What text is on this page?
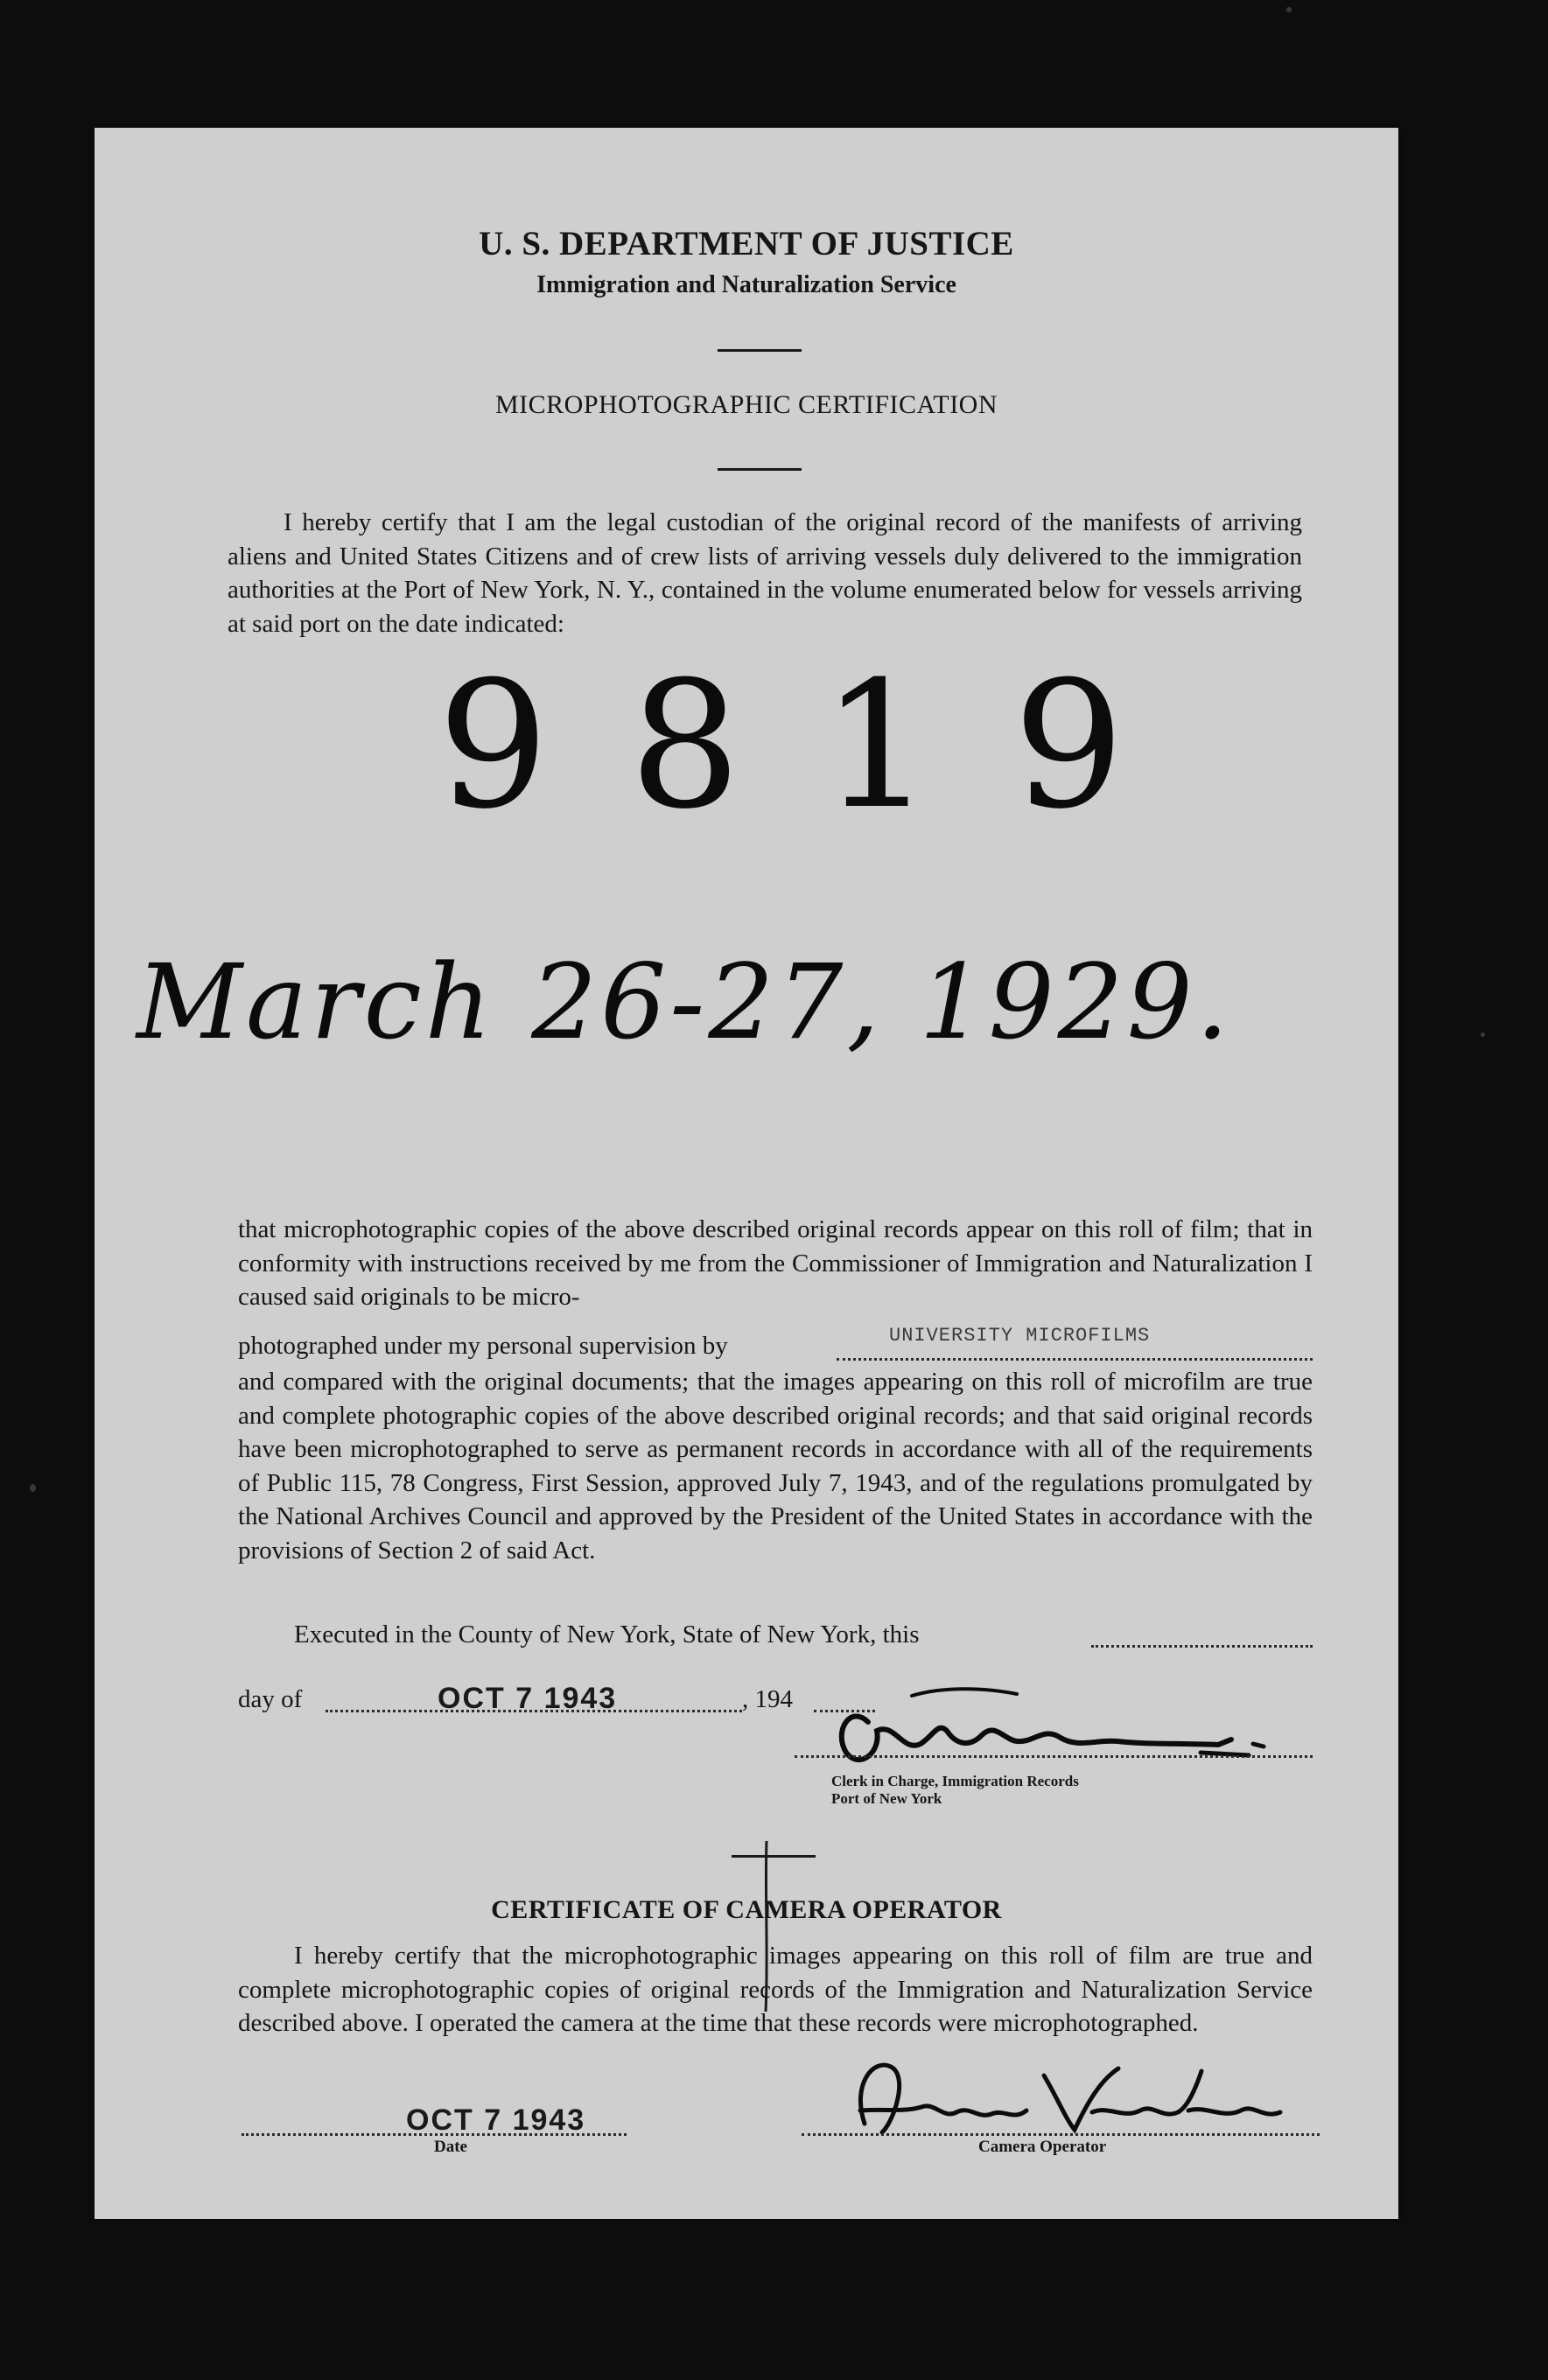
U. S. DEPARTMENT OF JUSTICE
Immigration and Naturalization Service
MICROPHOTOGRAPHIC CERTIFICATION
I hereby certify that I am the legal custodian of the original record of the manifests of arriving aliens and United States Citizens and of crew lists of arriving vessels duly delivered to the immigration authorities at the Port of New York, N. Y., contained in the volume enumerated below for vessels arriving at said port on the date indicated:
9819
March 26-27, 1929.
that microphotographic copies of the above described original records appear on this roll of film; that in conformity with instructions received by me from the Commissioner of Immigration and Naturalization I caused said originals to be micro-
photographed under my personal supervision by	UNIVERSITY MICROFILMS
and compared with the original documents; that the images appearing on this roll of microfilm are true and complete photographic copies of the above described original records; and that said original records have been microphotographed to serve as permanent records in accordance with all of the requirements of Public 115, 78 Congress, First Session, approved July 7, 1943, and of the regulations promulgated by the National Archives Council and approved by the President of the United States in accordance with the provisions of Section 2 of said Act.
Executed in the County of New York, State of New York, this
day of	OCT 7 1943	, 194
Clerk in Charge, Immigration Records
Port of New York
CERTIFICATE OF CAMERA OPERATOR
I hereby certify that the microphotographic images appearing on this roll of film are true and complete microphotographic copies of original records of the Immigration and Naturalization Service described above. I operated the camera at the time that these records were microphotographed.
OCT 7 1943
Date	Camera Operator
